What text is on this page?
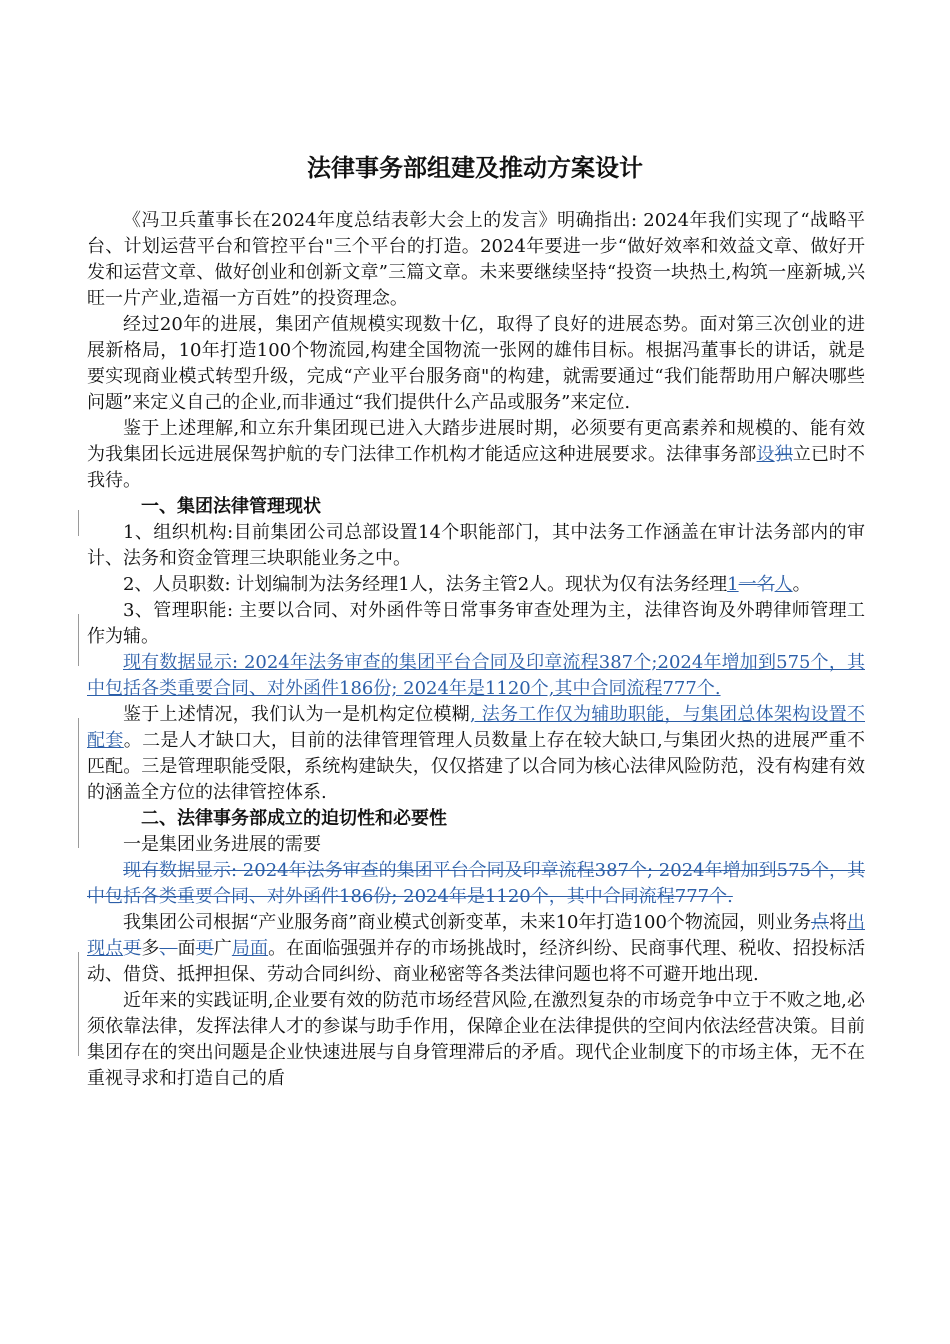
法律事务部组建及推动方案设计

《冯卫兵董事长在2024年度总结表彰大会上的发言》明确指出: 2024年我们实现了“战略平台、计划运营平台和管控平台"三个平台的打造。2024年要进一步“做好效率和效益文章、做好开发和运营文章、做好创业和创新文章”三篇文章。未来要继续坚持“投资一块热土,构筑一座新城,兴旺一片产业,造福一方百姓”的投资理念。

经过20年的进展，集团产值规模实现数十亿，取得了良好的进展态势。面对第三次创业的进展新格局，10年打造100个物流园,构建全国物流一张网的雄伟目标。根据冯董事长的讲话，就是要实现商业模式转型升级，完成“产业平台服务商"的构建，就需要通过“我们能帮助用户解决哪些问题”来定义自己的企业,而非通过“我们提供什么产品或服务”来定位.

鉴于上述理解,和立东升集团现已进入大踏步进展时期，必须要有更高素养和规模的、能有效为我集团长远进展保驾护航的专门法律工作机构才能适应这种进展要求。法律事务部设独立已时不我待。

一、集团法律管理现状

1、组织机构:目前集团公司总部设置14个职能部门，其中法务工作涵盖在审计法务部内的审计、法务和资金管理三块职能业务之中。

2、人员职数: 计划编制为法务经理1人，法务主管2人。现状为仅有法务经理1一名人。

3、管理职能: 主要以合同、对外函件等日常事务审查处理为主，法律咨询及外聘律师管理工作为辅。

现有数据显示: 2024年法务审查的集团平台合同及印章流程387个;2024年增加到575个，其中包括各类重要合同、对外函件186份; 2024年是1120个,其中合同流程777个.

鉴于上述情况，我们认为一是机构定位模糊, 法务工作仅为辅助职能，与集团总体架构设置不配套。二是人才缺口大，目前的法律管理管理人员数量上存在较大缺口,与集团火热的进展严重不匹配。三是管理职能受限，系统构建缺失，仅仅搭建了以合同为核心法律风险防范，没有构建有效的涵盖全方位的法律管控体系.

二、法律事务部成立的迫切性和必要性

一是集团业务进展的需要

现有数据显示: 2024年法务审查的集团平台合同及印章流程387个; 2024年增加到575个，其中包括各类重要合同、对外函件186份; 2024年是1120个，其中合同流程777个.

我集团公司根据“产业服务商”商业模式创新变革，未来10年打造100个物流园，则业务点将出现点更多、面更广局面。在面临强强并存的市场挑战时，经济纠纷、民商事代理、税收、招投标活动、借贷、抵押担保、劳动合同纠纷、商业秘密等各类法律问题也将不可避开地出现.

近年来的实践证明,企业要有效的防范市场经营风险,在激烈复杂的市场竞争中立于不败之地,必须依靠法律，发挥法律人才的参谋与助手作用，保障企业在法律提供的空间内依法经营决策。目前集团存在的突出问题是企业快速进展与自身管理滞后的矛盾。现代企业制度下的市场主体，无不在重视寻求和打造自己的盾
